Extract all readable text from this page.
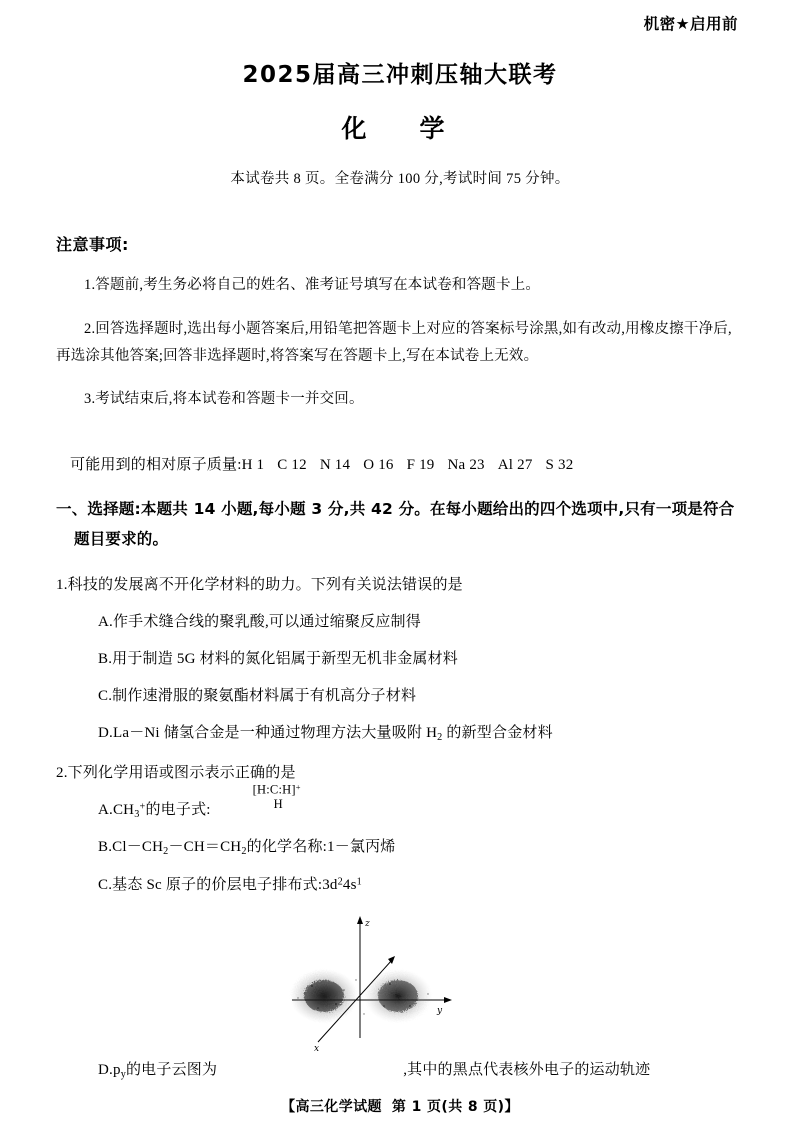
机密★启用前
2025届高三冲刺压轴大联考
化　学
本试卷共 8 页。全卷满分 100 分,考试时间 75 分钟。
注意事项:
1.答题前,考生务必将自己的姓名、准考证号填写在本试卷和答题卡上。
2.回答选择题时,选出每小题答案后,用铅笔把答题卡上对应的答案标号涂黑,如有改动,用橡皮擦干净后,再选涂其他答案;回答非选择题时,将答案写在答题卡上,写在本试卷上无效。
3.考试结束后,将本试卷和答题卡一并交回。
可能用到的相对原子质量:H 1 C 12 N 14 O 16 F 19 Na 23 Al 27 S 32
一、选择题:本题共 14 小题,每小题 3 分,共 42 分。在每小题给出的四个选项中,只有一项是符合
题目要求的。
1.科技的发展离不开化学材料的助力。下列有关说法错误的是
A.作手术缝合线的聚乳酸,可以通过缩聚反应制得
B.用于制造 5G 材料的氮化铝属于新型无机非金属材料
C.制作速滑服的聚氨酯材料属于有机高分子材料
D.La－Ni 储氢合金是一种通过物理方法大量吸附 $H_2$ 的新型合金材料
2.下列化学用语或图示表示正确的是
$A.CH_3^+$的电子式:
[H:C:H]+
H
$B.Cl-CH_2-CH=CH_2$的化学名称:1－氯丙烯
C.基态 Sc 原子的价层电子排布式$:3d^24s^1$
z
y
x
$D.p_y$的电子云图为	,其中的黑点代表核外电子的运动轨迹
【高三化学试题 第 1 页(共 8 页)】
